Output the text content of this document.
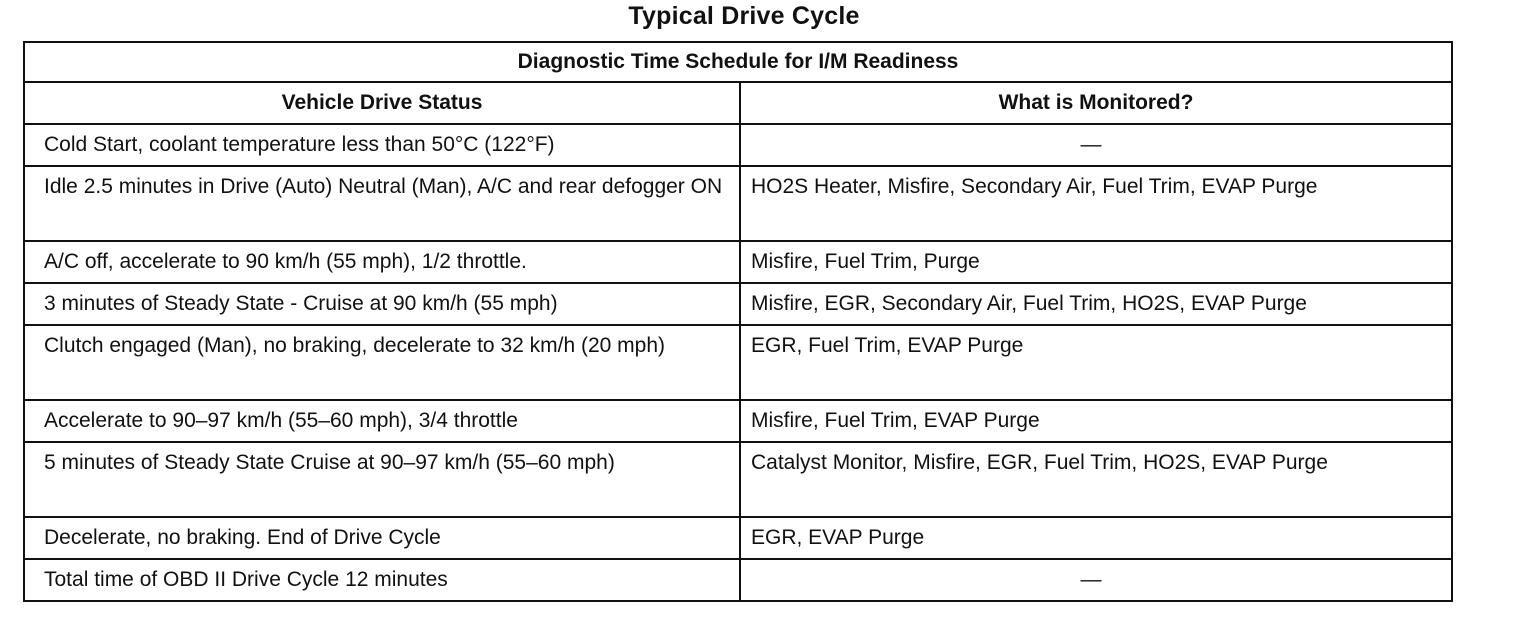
Typical Drive Cycle
Diagnostic Time Schedule for I/M Readiness	
Vehicle Drive Status	What is Monitored?
Cold Start, coolant temperature less than 50°C (122°F)	—
Idle 2.5 minutes in Drive (Auto) Neutral (Man), A/C and rear defogger ON	HO2S Heater, Misfire, Secondary Air, Fuel Trim, EVAP Purge
A/C off, accelerate to 90 km/h (55 mph), 1/2 throttle.	Misfire, Fuel Trim, Purge
3 minutes of Steady State - Cruise at 90 km/h (55 mph)	Misfire, EGR, Secondary Air, Fuel Trim, HO2S, EVAP Purge
Clutch engaged (Man), no braking, decelerate to 32 km/h (20 mph)	EGR, Fuel Trim, EVAP Purge
Accelerate to 90–97 km/h (55–60 mph), 3/4 throttle	Misfire, Fuel Trim, EVAP Purge
5 minutes of Steady State Cruise at 90–97 km/h (55–60 mph)	Catalyst Monitor, Misfire, EGR, Fuel Trim, HO2S, EVAP Purge
Decelerate, no braking. End of Drive Cycle	EGR, EVAP Purge
Total time of OBD II Drive Cycle 12 minutes	—
